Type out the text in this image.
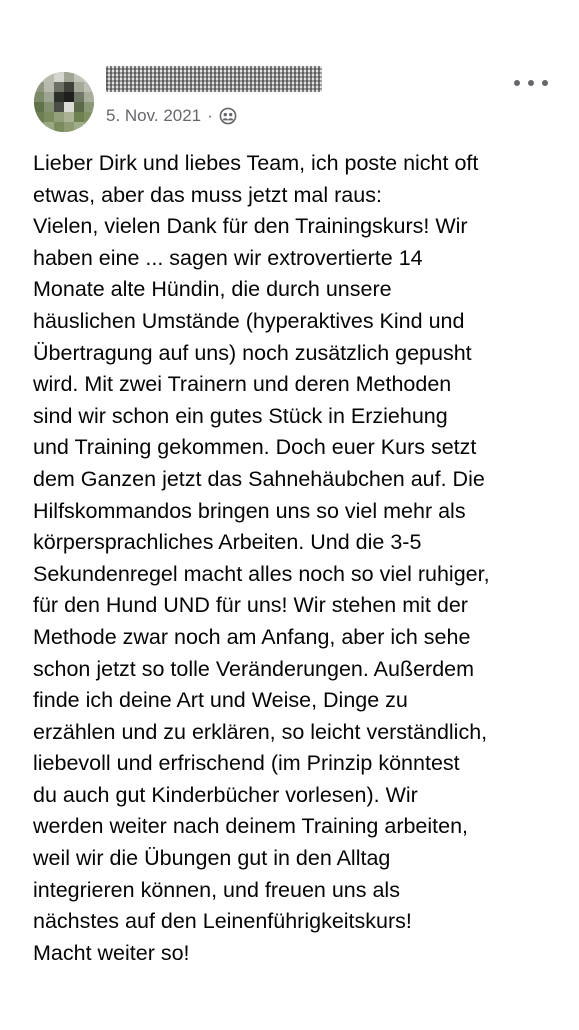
5. Nov. 2021 ·
Lieber Dirk und liebes Team, ich poste nicht oft
etwas, aber das muss jetzt mal raus:
Vielen, vielen Dank für den Trainingskurs! Wir
haben eine ... sagen wir extrovertierte 14
Monate alte Hündin, die durch unsere
häuslichen Umstände (hyperaktives Kind und
Übertragung auf uns) noch zusätzlich gepusht
wird. Mit zwei Trainern und deren Methoden
sind wir schon ein gutes Stück in Erziehung
und Training gekommen. Doch euer Kurs setzt
dem Ganzen jetzt das Sahnehäubchen auf. Die
Hilfskommandos bringen uns so viel mehr als
körpersprachliches Arbeiten. Und die 3-5
Sekundenregel macht alles noch so viel ruhiger,
für den Hund UND für uns! Wir stehen mit der
Methode zwar noch am Anfang, aber ich sehe
schon jetzt so tolle Veränderungen. Außerdem
finde ich deine Art und Weise, Dinge zu
erzählen und zu erklären, so leicht verständlich,
liebevoll und erfrischend (im Prinzip könntest
du auch gut Kinderbücher vorlesen). Wir
werden weiter nach deinem Training arbeiten,
weil wir die Übungen gut in den Alltag
integrieren können, und freuen uns als
nächstes auf den Leinenführigkeitskurs!
Macht weiter so!
